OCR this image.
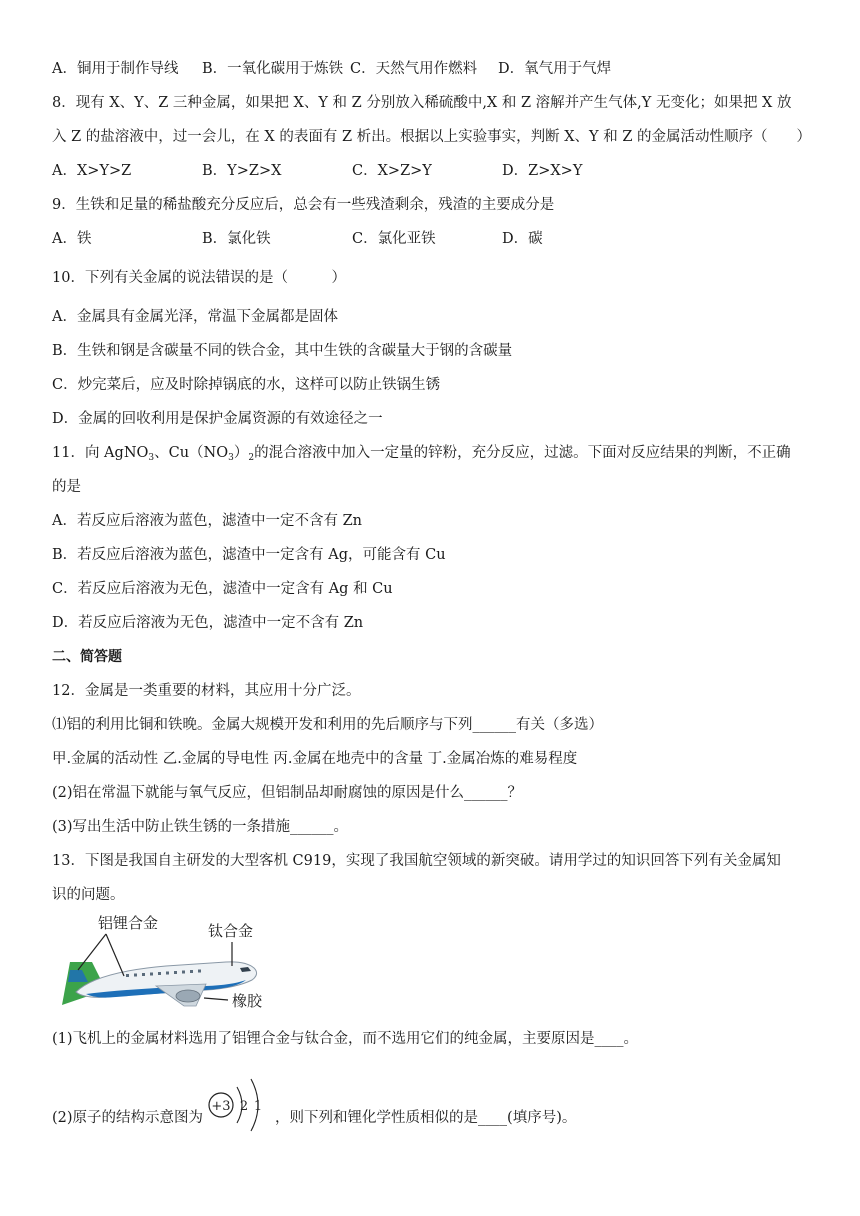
A．铜用于制作导线	B．一氧化碳用于炼铁 C．天然气用作燃料	D．氧气用于气焊
8．现有 X、Y、Z 三种金属，如果把 X、Y 和 Z 分别放入稀硫酸中,X 和 Z 溶解并产生气体,Y 无变化；如果把 X 放
入 Z 的盐溶液中，过一会儿，在 X 的表面有 Z 析出。根据以上实验事实，判断 X、Y 和 Z 的金属活动性顺序（　　）
A．X>Y>Z	B．Y>Z>X	C．X>Z>Y	D．Z>X>Y
9．生铁和足量的稀盐酸充分反应后，总会有一些残渣剩余，残渣的主要成分是
A．铁	B．氯化铁	C．氯化亚铁	D．碳
10．下列有关金属的说法错误的是（　　　）
A．金属具有金属光泽，常温下金属都是固体
B．生铁和钢是含碳量不同的铁合金，其中生铁的含碳量大于钢的含碳量
C．炒完菜后，应及时除掉锅底的水，这样可以防止铁锅生锈
D．金属的回收利用是保护金属资源的有效途径之一
11．向 AgNO$_3$、$Cu(NO_3)_2$的混合溶液中加入一定量的锌粉，充分反应，过滤。下面对反应结果的判断，不正确
的是
A．若反应后溶液为蓝色，滤渣中一定不含有 Zn
B．若反应后溶液为蓝色，滤渣中一定含有 Ag，可能含有 Cu
C．若反应后溶液为无色，滤渣中一定含有 Ag 和 Cu
D．若反应后溶液为无色，滤渣中一定不含有 Zn
二、简答题
12．金属是一类重要的材料，其应用十分广泛。
⑴铝的利用比铜和铁晚。金属大规模开发和利用的先后顺序与下列______有关（多选）
甲.金属的活动性 乙.金属的导电性 丙.金属在地壳中的含量 丁.金属冶炼的难易程度
(2)铝在常温下就能与氧气反应，但铝制品却耐腐蚀的原因是什么______？
(3)写出生活中防止铁生锈的一条措施______。
13．下图是我国自主研发的大型客机 C919，实现了我国航空领域的新突破。请用学过的知识回答下列有关金属知
识的问题。
铝锂合金	钛合金
橡胶
(1)飞机上的金属材料选用了铝锂合金与钛合金，而不选用它们的纯金属，主要原因是____。
(2)原子的结构示意图为
+3 2 1
，则下列和锂化学性质相似的是____(填序号)。
